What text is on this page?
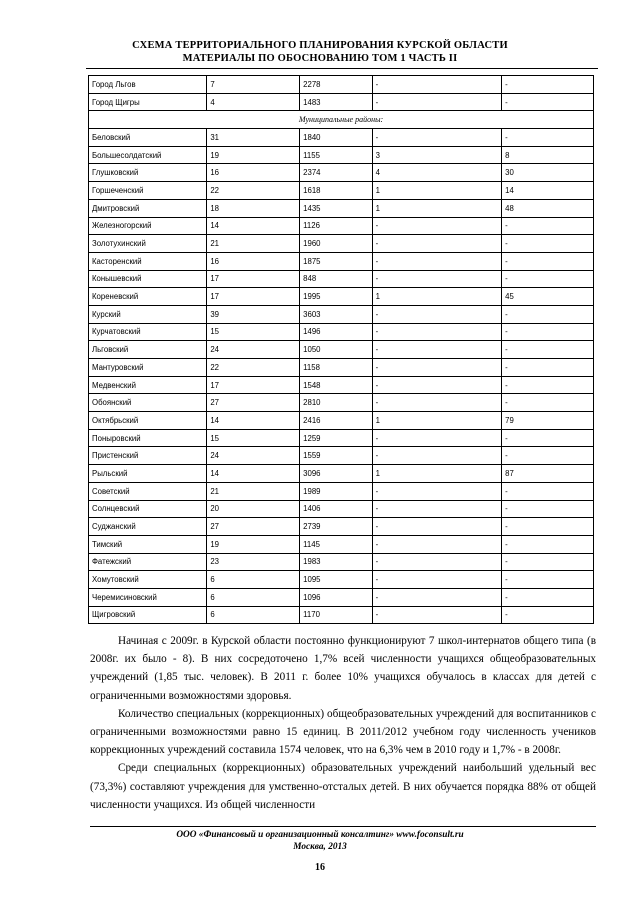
СХЕМА ТЕРРИТОРИАЛЬНОГО ПЛАНИРОВАНИЯ КУРСКОЙ ОБЛАСТИ
МАТЕРИАЛЫ ПО ОБОСНОВАНИЮ ТОМ 1 ЧАСТЬ II
Город Льгов	7	2278	-	-
Город Щигры	4	1483	-	-
Муниципальные районы:				
Беловский	31	1840	-	-
Большесолдатский	19	1155	3	8
Глушковский	16	2374	4	30
Горшеченский	22	1618	1	14
Дмитровский	18	1435	1	48
Железногорский	14	1126	-	-
Золотухинский	21	1960	-	-
Касторенский	16	1875	-	-
Конышевский	17	848	-	-
Кореневский	17	1995	1	45
Курский	39	3603	-	-
Курчатовский	15	1496	-	-
Льговский	24	1050	-	-
Мантуровский	22	1158	-	-
Медвенский	17	1548	-	-
Обоянский	27	2810	-	-
Октябрьский	14	2416	1	79
Поныровский	15	1259	-	-
Пристенский	24	1559	-	-
Рыльский	14	3096	1	87
Советский	21	1989	-	-
Солнцевский	20	1406	-	-
Суджанский	27	2739	-	-
Тимский	19	1145	-	-
Фатежский	23	1983	-	-
Хомутовский	6	1095	-	-
Черемисиновский	6	1096	-	-
Щигровский	6	1170	-	-

Начиная с 2009г. в Курской области постоянно функционируют 7 школ-интернатов общего типа (в 2008г. их было - 8). В них сосредоточено 1,7% всей численности учащихся общеобразовательных учреждений (1,85 тыс. человек). В 2011 г. более 10% учащихся обучалось в классах для детей с ограниченными возможностями здоровья.

Количество специальных (коррекционных) общеобразовательных учреждений для воспитанников с ограниченными возможностями равно 15 единиц. В 2011/2012 учебном году численность учеников коррекционных учреждений составила 1574 человек, что на 6,3% чем в 2010 году и 1,7% - в 2008г.

Среди специальных (коррекционных) образовательных учреждений наибольший удельный вес (73,3%) составляют учреждения для умственно-отсталых детей. В них обучается порядка 88% от общей численности учащихся. Из общей численности

ООО «Финансовый и организационный консалтинг» www.foconsult.ru
Москва, 2013
16
